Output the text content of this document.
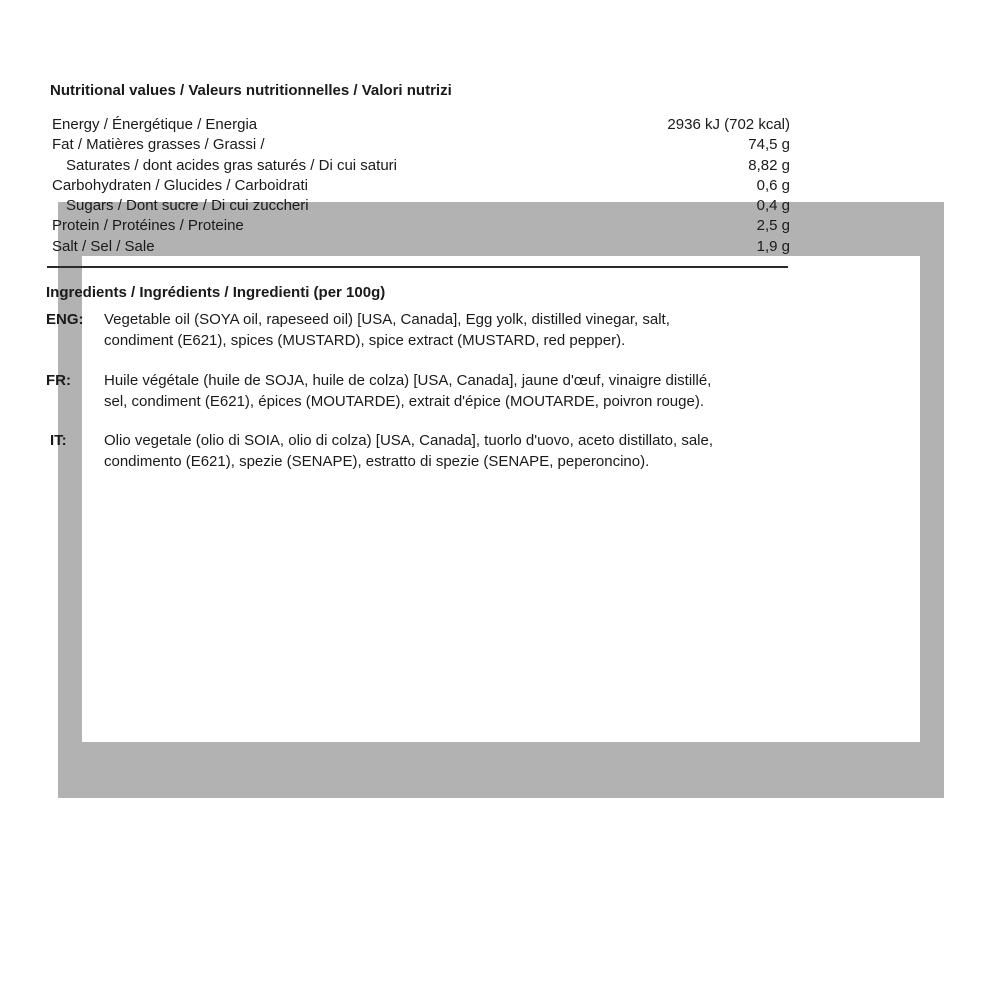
Nutritional values / Valeurs nutritionnelles / Valori nutrizi
Energy / Énergétique / Energia	2936 kJ (702 kcal)
Fat / Matières grasses / Grassi /	74,5 g
Saturates / dont acides gras saturés / Di cui saturi	8,82 g
Carbohydraten / Glucides / Carboidrati	0,6 g
Sugars / Dont sucre / Di cui zuccheri	0,4 g
Protein / Protéines / Proteine	2,5 g
Salt / Sel / Sale	1,9 g
Ingredients / Ingrédients / Ingredienti (per 100g)
ENG: Vegetable oil (SOYA oil, rapeseed oil) [USA, Canada], Egg yolk, distilled vinegar, salt,
condiment (E621), spices (MUSTARD), spice extract (MUSTARD, red pepper).
FR: Huile végétale (huile de SOJA, huile de colza) [USA, Canada], jaune d'œuf, vinaigre distillé,
sel, condiment (E621), épices (MOUTARDE), extrait d'épice (MOUTARDE, poivron rouge).
IT: Olio vegetale (olio di SOIA, olio di colza) [USA, Canada], tuorlo d'uovo, aceto distillato, sale,
condimento (E621), spezie (SENAPE), estratto di spezie (SENAPE, peperoncino).
